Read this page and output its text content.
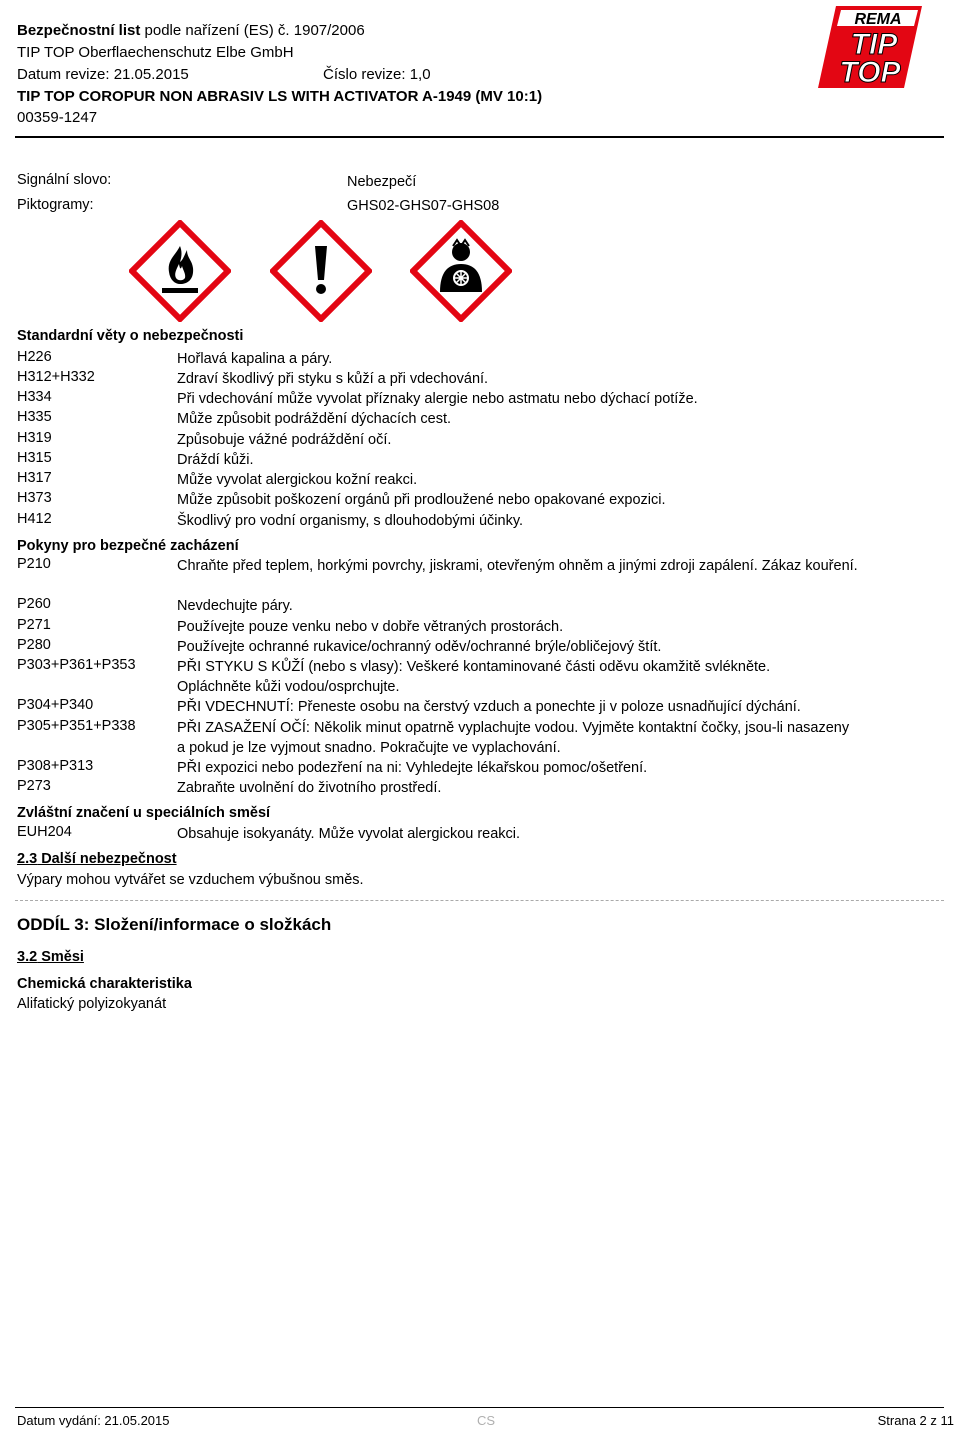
Bezpečnostní list podle nařízení (ES) č. 1907/2006
TIP TOP Oberflaechenschutz Elbe GmbH
Datum revize: 21.05.2015	Číslo revize: 1,0
TIP TOP COROPUR NON ABRASIV LS WITH ACTIVATOR A-1949 (MV 10:1)
00359-1247
REMA
TIP
TOP
Signální slovo:	Nebezpečí
Piktogramy:	GHS02-GHS07-GHS08
Standardní věty o nebezpečnosti
H226	Hořlavá kapalina a páry.
H312+H332	Zdraví škodlivý při styku s kůží a při vdechování.
H334	Při vdechování může vyvolat příznaky alergie nebo astmatu nebo dýchací potíže.
H335	Může způsobit podráždění dýchacích cest.
H319	Způsobuje vážné podráždění očí.
H315	Dráždí kůži.
H317	Může vyvolat alergickou kožní reakci.
H373	Může způsobit poškození orgánů při prodloužené nebo opakované expozici.
H412	Škodlivý pro vodní organismy, s dlouhodobými účinky.
Pokyny pro bezpečné zacházení
P210	Chraňte před teplem, horkými povrchy, jiskrami, otevřeným ohněm a jinými zdroji zapálení. Zákaz kouření.
P260	Nevdechujte páry.
P271	Používejte pouze venku nebo v dobře větraných prostorách.
P280	Používejte ochranné rukavice/ochranný oděv/ochranné brýle/obličejový štít.
P303+P361+P353	PŘI STYKU S KŮŽÍ (nebo s vlasy): Veškeré kontaminované části oděvu okamžitě svlékněte. Opláchněte kůži vodou/osprchujte.
P304+P340	PŘI VDECHNUTÍ: Přeneste osobu na čerstvý vzduch a ponechte ji v poloze usnadňující dýchání.
P305+P351+P338	PŘI ZASAŽENÍ OČÍ: Několik minut opatrně vyplachujte vodou. Vyjměte kontaktní čočky, jsou-li nasazeny a pokud je lze vyjmout snadno. Pokračujte ve vyplachování.
P308+P313	PŘI expozici nebo podezření na ni: Vyhledejte lékařskou pomoc/ošetření.
P273	Zabraňte uvolnění do životního prostředí.
Zvláštní značení u speciálních směsí
EUH204	Obsahuje isokyanáty. Může vyvolat alergickou reakci.
2.3 Další nebezpečnost
Výpary mohou vytvářet se vzduchem výbušnou směs.
ODDÍL 3: Složení/informace o složkách
3.2 Směsi
Chemická charakteristika
Alifatický polyizokyanát
Datum vydání: 21.05.2015	CS	Strana 2 z 11
